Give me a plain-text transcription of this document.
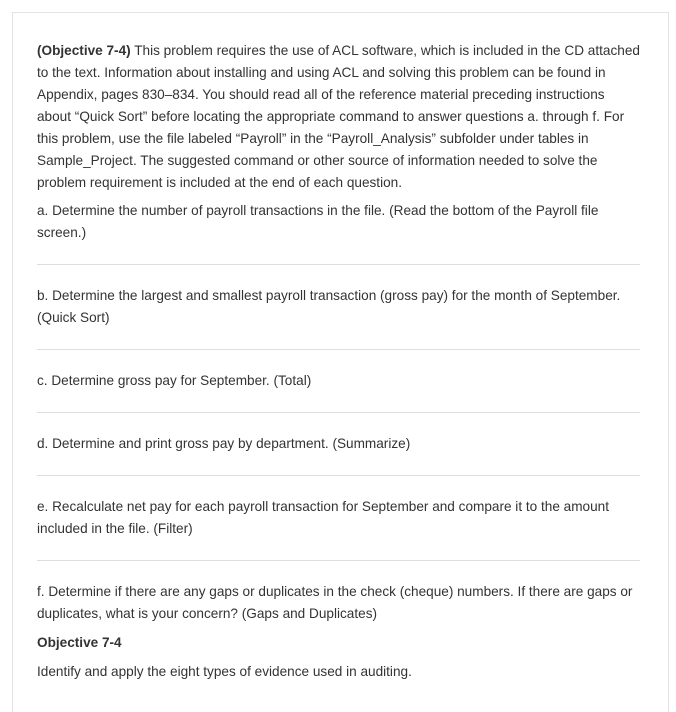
(Objective 7-4) This problem requires the use of ACL software, which is included in the CD attached to the text. Information about installing and using ACL and solving this problem can be found in Appendix, pages 830–834. You should read all of the reference material preceding instructions about “Quick Sort” before locating the appropriate command to answer questions a. through f. For this problem, use the file labeled “Payroll” in the “Payroll_Analysis” subfolder under tables in Sample_Project. The suggested command or other source of information needed to solve the problem requirement is included at the end of each question.

a. Determine the number of payroll transactions in the file. (Read the bottom of the Payroll file screen.)

b. Determine the largest and smallest payroll transaction (gross pay) for the month of September. (Quick Sort)

c. Determine gross pay for September. (Total)

d. Determine and print gross pay by department. (Summarize)

e. Recalculate net pay for each payroll transaction for September and compare it to the amount included in the file. (Filter)

f. Determine if there are any gaps or duplicates in the check (cheque) numbers. If there are gaps or duplicates, what is your concern? (Gaps and Duplicates)

Objective 7-4
Identify and apply the eight types of evidence used in auditing.
